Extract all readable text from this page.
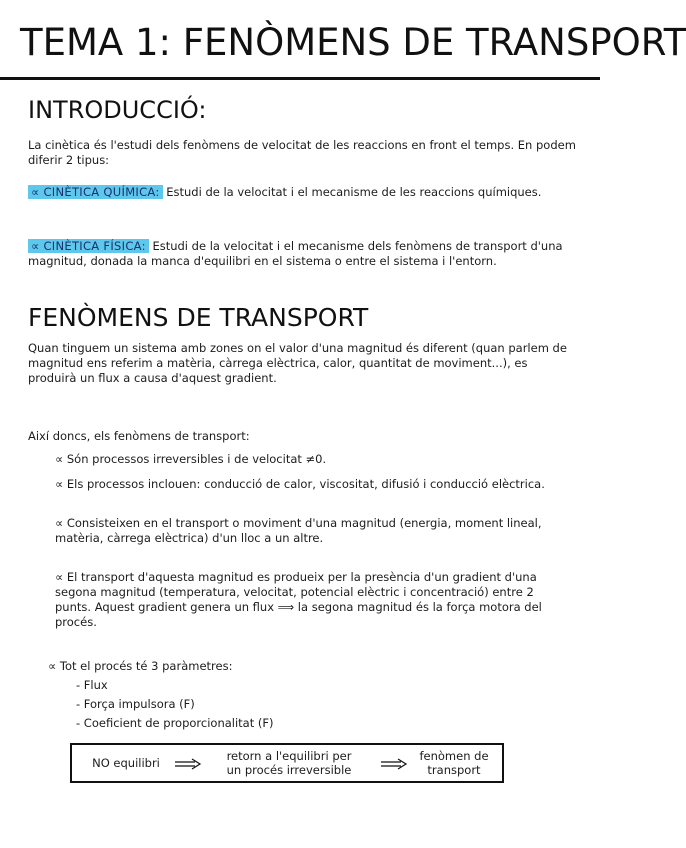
TEMA 1: FENÒMENS DE TRANSPORT
INTRODUCCIÓ:
La cinètica és l'estudi dels fenòmens de velocitat de les reaccions en front el temps. En podem diferir 2 tipus:
∝ CINÈTICA QUÍMICA: Estudi de la velocitat i el mecanisme de les reaccions químiques.
∝ CINÈTICA FÍSICA: Estudi de la velocitat i el mecanisme dels fenòmens de transport d'una magnitud, donada la manca d'equilibri en el sistema o entre el sistema i l'entorn.
FENÒMENS DE TRANSPORT
Quan tinguem un sistema amb zones on el valor d'una magnitud és diferent (quan parlem de magnitud ens referim a matèria, càrrega elèctrica, calor, quantitat de moviment...), es produirà un flux a causa d'aquest gradient.
Així doncs, els fenòmens de transport:
∝ Són processos irreversibles i de velocitat ≠0.
∝ Els processos inclouen: conducció de calor, viscositat, difusió i conducció elèctrica.
∝ Consisteixen en el transport o moviment d'una magnitud (energia, moment lineal, matèria, càrrega elèctrica) d'un lloc a un altre.
∝ El transport d'aquesta magnitud es produeix per la presència d'un gradient d'una segona magnitud (temperatura, velocitat, potencial elèctric i concentració) entre 2 punts. Aquest gradient genera un flux ⟹ la segona magnitud és la força motora del procés.
∝ Tot el procés té 3 paràmetres:
- Flux
- Força impulsora (F)
- Coeficient de proporcionalitat (F)
NO equilibri	retorn a l'equilibri per
un procés irreversible
fenòmen de
transport
